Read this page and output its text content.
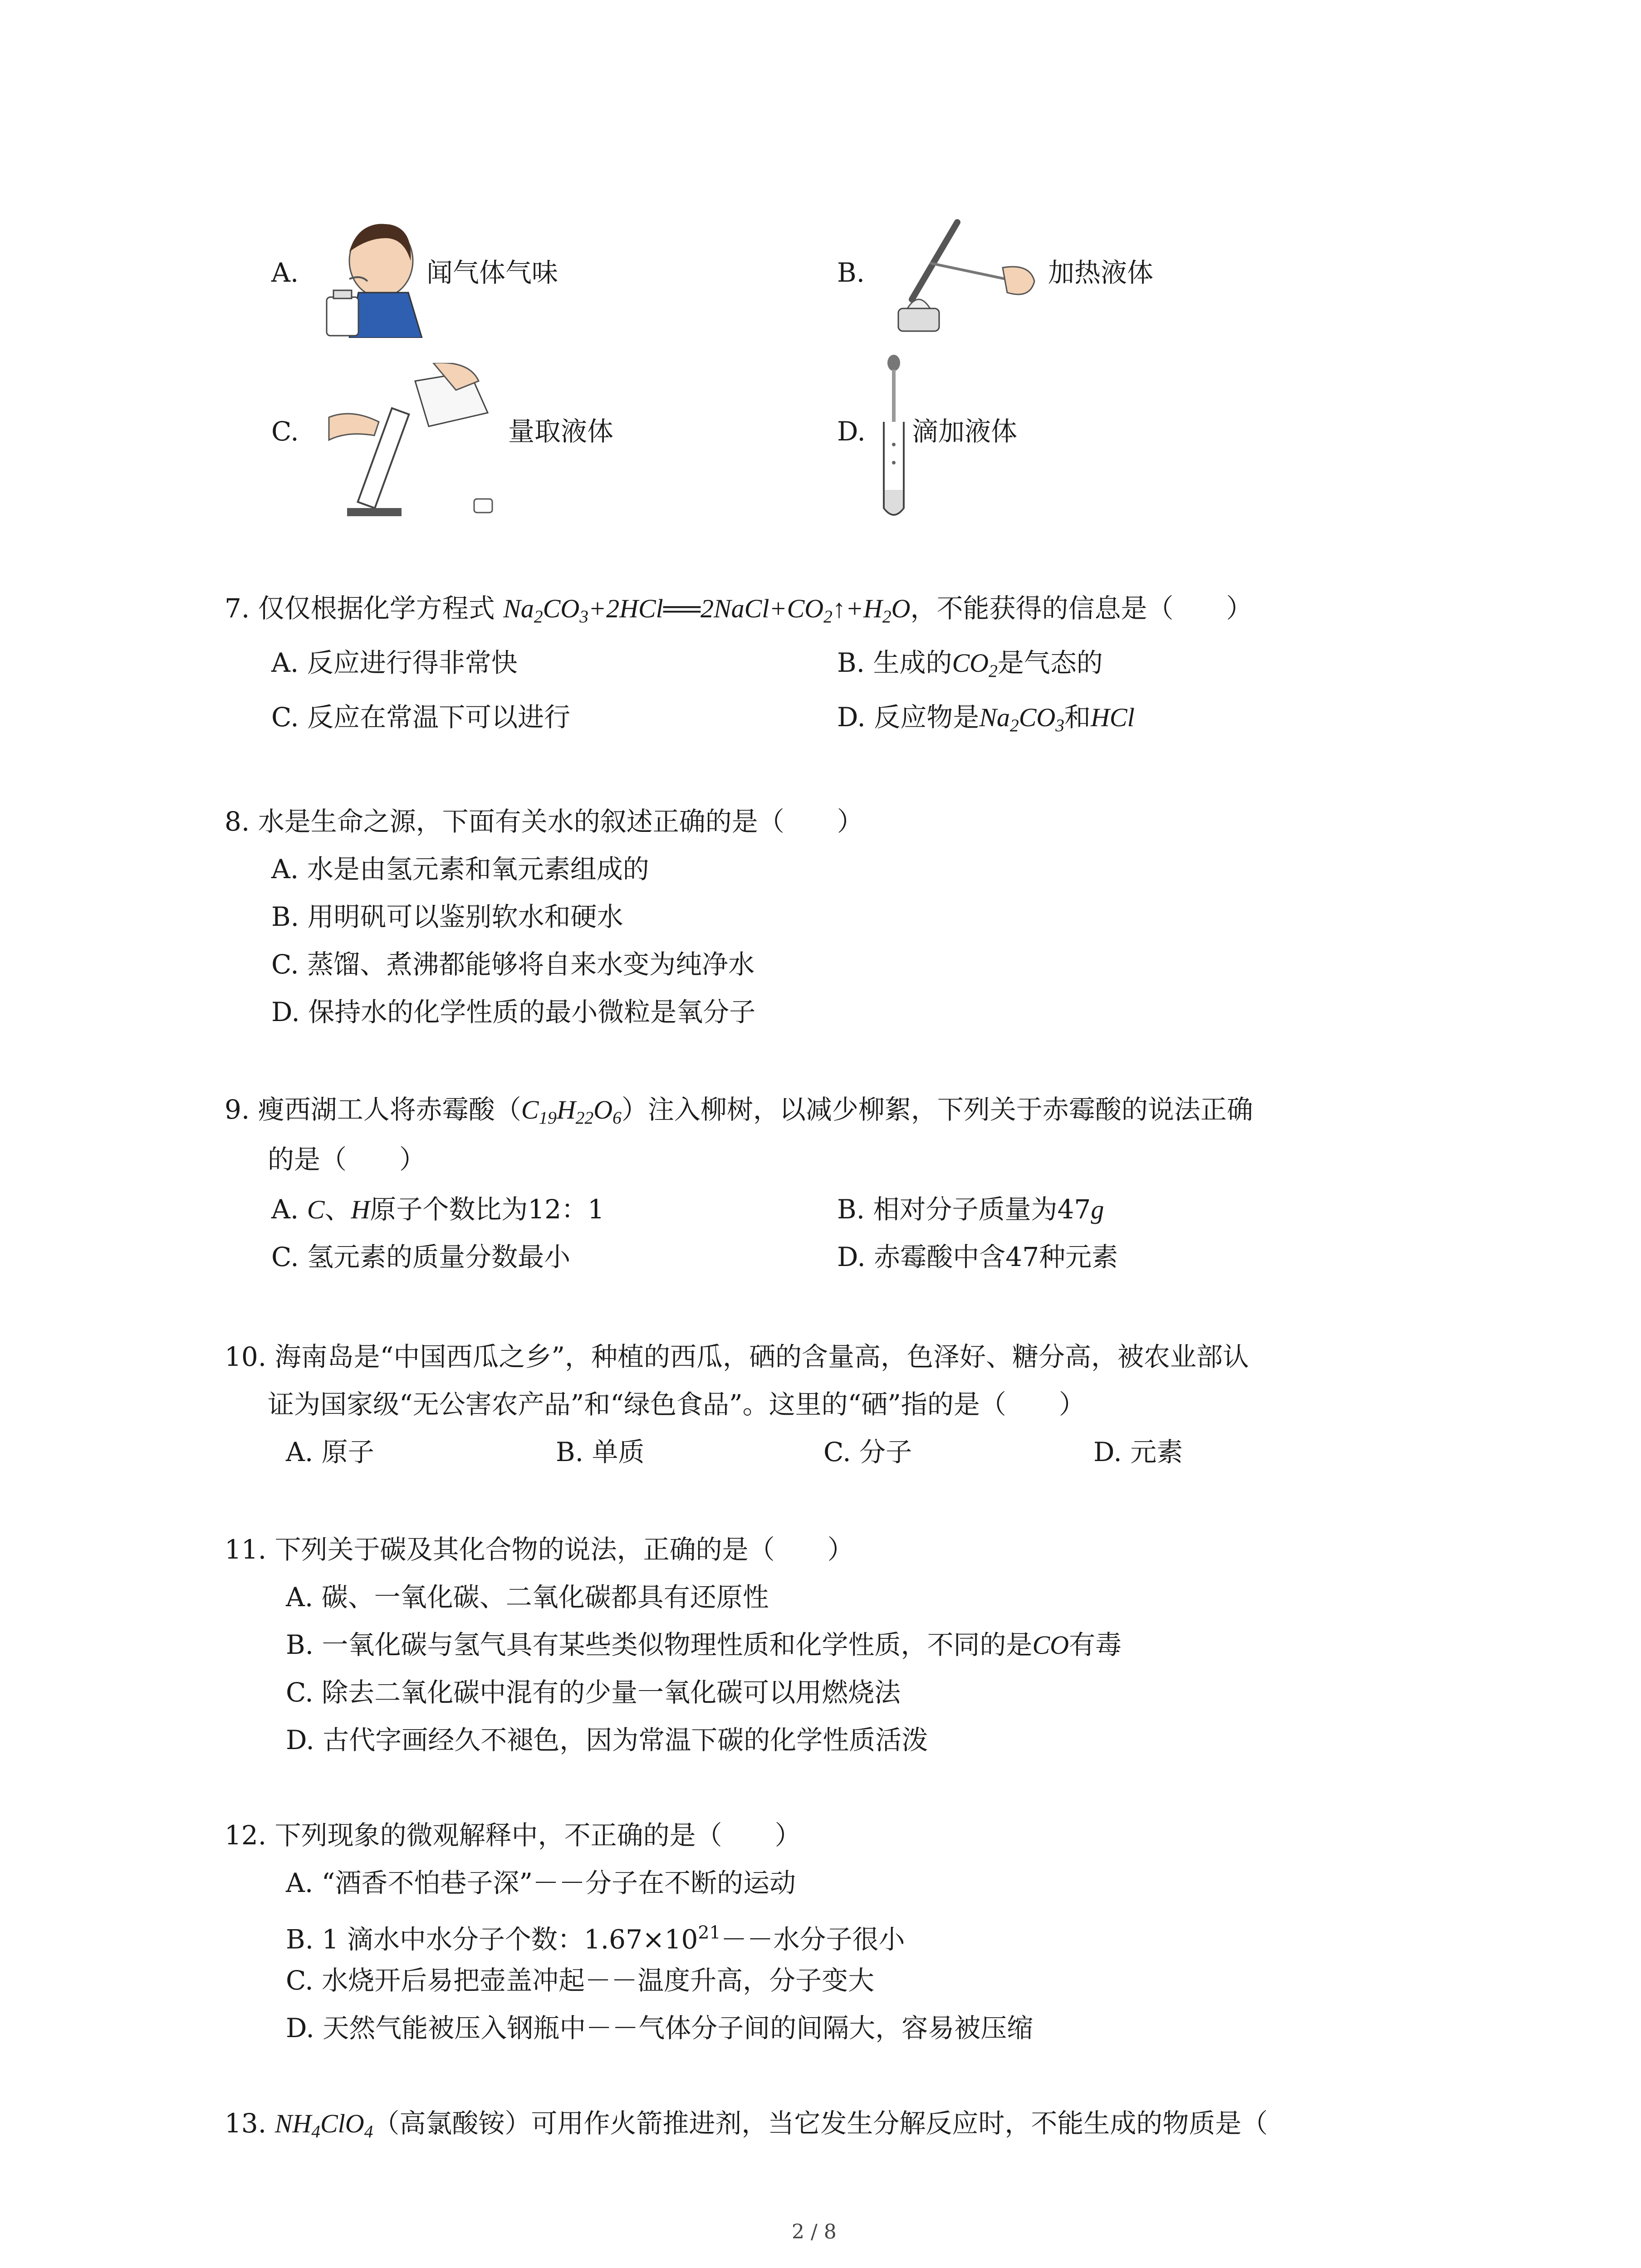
A.	闻气体气味	B.	加热液体
C.	量取液体	D. 滴加液体
7. 仅仅根据化学方程式 $Na_2CO_3+2HCl══2NaCl+CO_2↑+H_2O$，不能获得的信息是（　　）
A. 反应进行得非常快	B. 生成的$CO_2$是气态的
C. 反应在常温下可以进行	D. 反应物是$Na_2CO_3$和HCl
8. 水是生命之源，下面有关水的叙述正确的是（　　）
A. 水是由氢元素和氧元素组成的
B. 用明矾可以鉴别软水和硬水
C. 蒸馏、煮沸都能够将自来水变为纯净水
D. 保持水的化学性质的最小微粒是氧分子
9. 瘦西湖工人将赤霉酸$(C_{19}H_{22}O_6)$注入柳树，以减少柳絮，下列关于赤霉酸的说法正确
的是（　　）
A. C、H原子个数比为12：1	B. 相对分子质量为47g
C. 氢元素的质量分数最小	D. 赤霉酸中含47种元素
10. 海南岛是“中国西瓜之乡”，种植的西瓜，硒的含量高，色泽好、糖分高，被农业部认
证为国家级“无公害农产品”和“绿色食品”。这里的“硒”指的是（　　）
A. 原子	B. 单质	C. 分子	D. 元素
11. 下列关于碳及其化合物的说法，正确的是（　　）
A. 碳、一氧化碳、二氧化碳都具有还原性
B. 一氧化碳与氢气具有某些类似物理性质和化学性质，不同的是CO有毒
C. 除去二氧化碳中混有的少量一氧化碳可以用燃烧法
D. 古代字画经久不褪色，因为常温下碳的化学性质活泼
12. 下列现象的微观解释中，不正确的是（　　）
A. “酒香不怕巷子深”－－分子在不断的运动
B. 1 滴水中水分子个数：$1.67\times 10^{21}--$水分子很小
C. 水烧开后易把壶盖冲起－－温度升高，分子变大
D. 天然气能被压入钢瓶中－－气体分子间的间隔大，容易被压缩
13. $NH_4ClO_4$（高氯酸铵）可用作火箭推进剂，当它发生分解反应时，不能生成的物质是（
2 / 8
